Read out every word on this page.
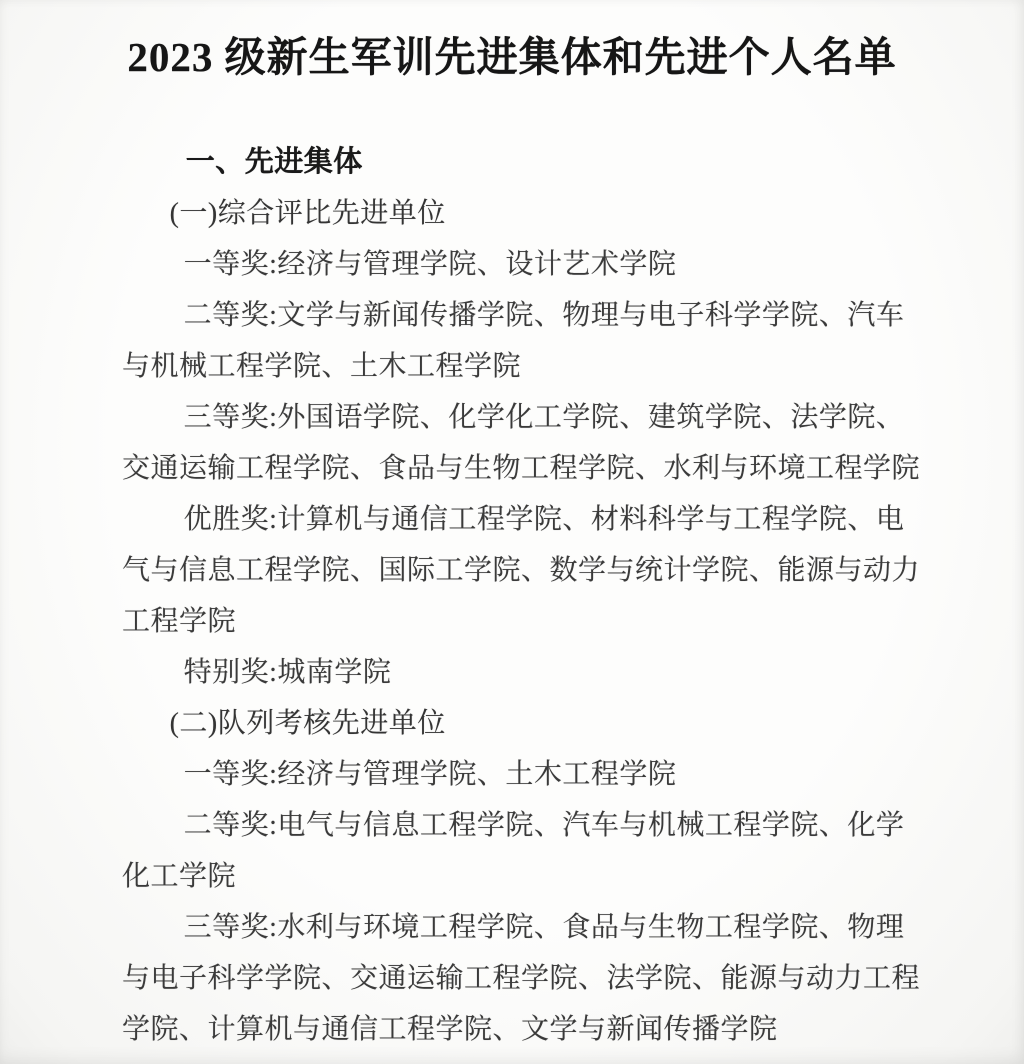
2023 级新生军训先进集体和先进个人名单

一、先进集体

(一)综合评比先进单位

一等奖:经济与管理学院、设计艺术学院

二等奖:文学与新闻传播学院、物理与电子科学学院、汽车与机械工程学院、土木工程学院

三等奖:外国语学院、化学化工学院、建筑学院、法学院、交通运输工程学院、食品与生物工程学院、水利与环境工程学院

优胜奖:计算机与通信工程学院、材料科学与工程学院、电气与信息工程学院、国际工学院、数学与统计学院、能源与动力工程学院

特别奖:城南学院

(二)队列考核先进单位

一等奖:经济与管理学院、土木工程学院

二等奖:电气与信息工程学院、汽车与机械工程学院、化学化工学院

三等奖:水利与环境工程学院、食品与生物工程学院、物理与电子科学学院、交通运输工程学院、法学院、能源与动力工程学院、计算机与通信工程学院、文学与新闻传播学院
